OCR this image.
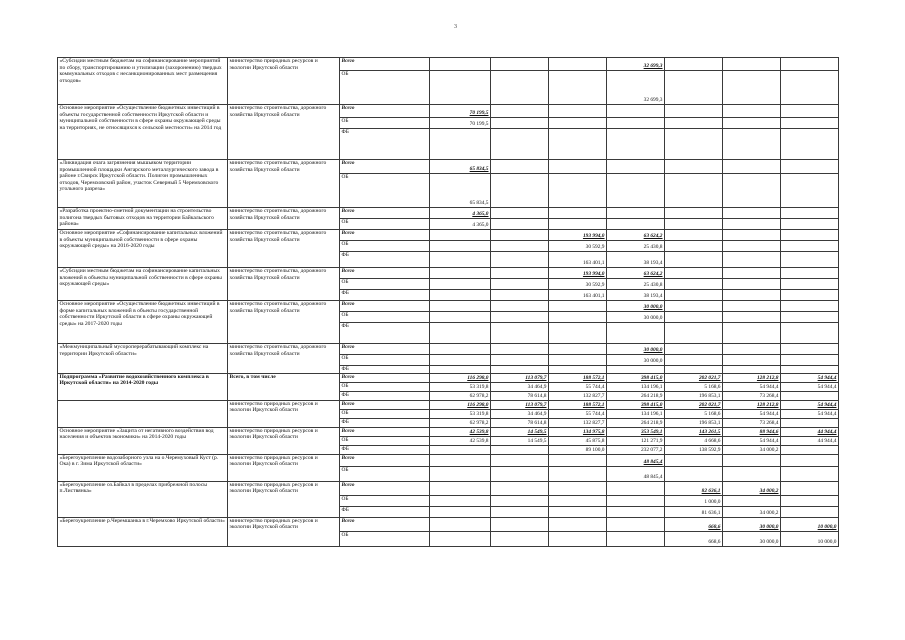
3
«Субсидии местным бюджетам на софинансирование мероприятий по сбору, транспортированию и утилизации (захоронению) твердых коммунальных отходов с несанкционированных мест размещения отходов»	министерство природных ресурсов и экологии Иркутской области	Всего				32 699,3			
		ОБ				32 699,3			
Основное мероприятие «Осуществление бюджетных инвестиций в объекты государственной собственности Иркутской области и муниципальной собственности в сфере охраны окружающей среды на территориях, не относящихся к сельской местности» на 2014 год	министерство строительства, дорожного хозяйства Иркутской области	Всего	70 199,5						
		ОБ	70 199,5						
		ФБ							
«Ликвидация очага загрязнения мышьяком территории промышленной площадки Ангарского металлургического завода в районе г.Свирск Иркутской области. Полигон промышленных отходов, Черемховский район, участок Северный 5 Черемховского угольного разреза»	министерство строительства, дорожного хозяйства Иркутской области	Всего	65 834,5						
		ОБ	65 834,5						
«Разработка проектно-сметной документации на строительство полигона твердых бытовых отходов на территории Байкальского района»	министерство строительства, дорожного хозяйства Иркутской области	Всего	4 365,0						
		ОБ	4 365,0						
Основное мероприятие «Софинансирование капитальных вложений в объекты муниципальной собственности в сфере охраны окружающей среды» на 2016-2020 годы	министерство строительства, дорожного хозяйства Иркутской области	Всего			193 994,0	63 624,2			
		ОБ			30 592,9	25 430,8			
		ФБ			163 401,1	38 193,4			
«Субсидии местным бюджетам на софинансирование капитальных вложений в объекты муниципальной собственности в сфере охраны окружающей среды»	министерство строительства, дорожного хозяйства Иркутской области	Всего			193 994,0	63 624,2			
		ОБ			30 592,9	25 430,8			
		ФБ			163 401,1	38 193,4			
Основное мероприятие «Осуществление бюджетных инвестиций в форме капитальных вложений в объекты государственной собственности Иркутской области в сфере охраны окружающей среды» на 2017-2020 годы	министерство строительства, дорожного хозяйства Иркутской области	Всего				30 000,0			
		ОБ				30 000,0			
		ФБ							
«Межмуниципальный мусороперерабатывающий комплекс на территории Иркутской области»	министерство строительства, дорожного хозяйства Иркутской области	Всего				30 000,0			
		ОБ				30 000,0			
		ФБ							
Подпрограмма «Развитие водохозяйственного комплекса в Иркутской области» на 2014-2020 годы	Всего, в том числе	Всего	116 298,0	113 079,7	188 572,1	398 415,0	202 021,7	128 212,8	54 944,4
		ОБ	53 319,8	34 464,9	55 744,4	134 196,1	5 168,6	54 944,4	54 944,4
		ФБ	62 978,2	78 614,8	132 827,7	264 218,9	196 853,1	73 268,4	
	министерство природных ресурсов и экологии Иркутской области	Всего	116 298,0	113 079,7	188 572,1	398 415,0	202 021,7	128 212,8	54 944,4
		ОБ	53 319,8	34 464,9	55 744,4	134 196,1	5 168,6	54 944,4	54 944,4
		ФБ	62 978,2	78 614,8	132 827,7	264 218,9	196 853,1	73 268,4	
Основное мероприятие «Защита от негативного воздействия вод населения и объектов экономики» на 2014-2020 годы	министерство природных ресурсов и экологии Иркутской области	Всего	42 539,8	14 549,5	134 975,8	353 549,1	143 261,5	88 944,6	44 944,4
		ОБ	42 539,8	14 549,5	45 875,8	121 271,9	4 668,6	54 944,4	44 944,4
		ФБ			89 100,0	232 077,2	138 592,9	34 000,2	
«Берегоукрепление водозаборного узла на о.Черемуховый Куст (р. Ока) в г. Зима Иркутской области»	министерство природных ресурсов и экологии Иркутской области	Всего				48 845,4			
		ОБ				48 845,4			
«Берегоукрепление оз.Байкал в пределах прибрежной полосы п.Листвянка»	министерство природных ресурсов и экологии Иркутской области	Всего					82 636,1	34 000,2	
		ОБ					1 000,0		
		ФБ					81 636,1	34 000,2	
«Берегоукрепление р.Черемшанка в г.Черемхово Иркутской области»	министерство природных ресурсов и экологии Иркутской области	Всего					668,6	30 000,0	10 000,0
		ОБ					668,6	30 000,0	10 000,0
